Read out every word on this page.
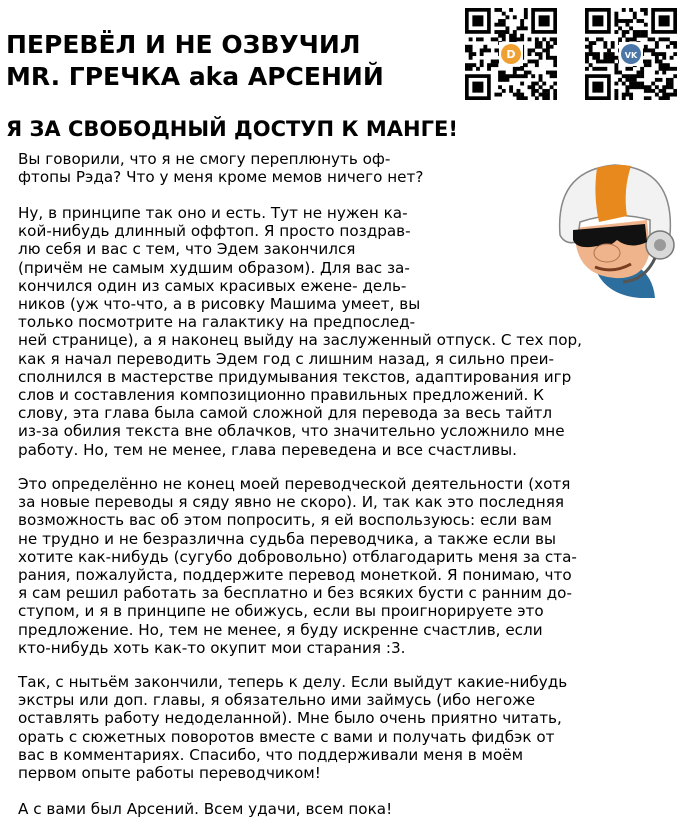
ПЕРЕВЁЛ И НЕ ОЗВУЧИЛ
MR. ГРЕЧКА aka АРСЕНИЙ
Я ЗА СВОБОДНЫЙ ДОСТУП К МАНГЕ!
D	VK
Вы говорили, что я не смогу переплюнуть оф-
фтопы Рэда? Что у меня кроме мемов ничего нет?
Ну, в принципе так оно и есть. Тут не нужен ка-
кой-нибудь длинный оффтоп. Я просто поздрав-
лю себя и вас с тем, что Эдем закончился
(причём не самым худшим образом). Для вас за-
кончился один из самых красивых ежене- дель-
ников (уж что-что, а в рисовку Машима умеет, вы
только посмотрите на галактику на предпослед-
ней странице), а я наконец выйду на заслуженный отпуск. С тех пор,
как я начал переводить Эдем год с лишним назад, я сильно преи-
сполнился в мастерстве придумывания текстов, адаптирования игр
слов и составления композиционно правильных предложений. К
слову, эта глава была самой сложной для перевода за весь тайтл
из-за обилия текста вне облачков, что значительно усложнило мне
работу. Но, тем не менее, глава переведена и все счастливы.
Это определённо не конец моей переводческой деятельности (хотя
за новые переводы я сяду явно не скоро). И, так как это последняя
возможность вас об этом попросить, я ей воспользуюсь: если вам
не трудно и не безразлична судьба переводчика, а также если вы
хотите как-нибудь (сугубо добровольно) отблагодарить меня за ста-
рания, пожалуйста, поддержите перевод монеткой. Я понимаю, что
я сам решил работать за бесплатно и без всяких бусти с ранним до-
ступом, и я в принципе не обижусь, если вы проигнорируете это
предложение. Но, тем не менее, я буду искренне счастлив, если
кто-нибудь хоть как-то окупит мои старания :3.
Так, с нытьём закончили, теперь к делу. Если выйдут какие-нибудь
экстры или доп. главы, я обязательно ими займусь (ибо негоже
оставлять работу недоделанной). Мне было очень приятно читать,
орать с сюжетных поворотов вместе с вами и получать фидбэк от
вас в комментариях. Спасибо, что поддерживали меня в моём
первом опыте работы переводчиком!
А с вами был Арсений. Всем удачи, всем пока!
